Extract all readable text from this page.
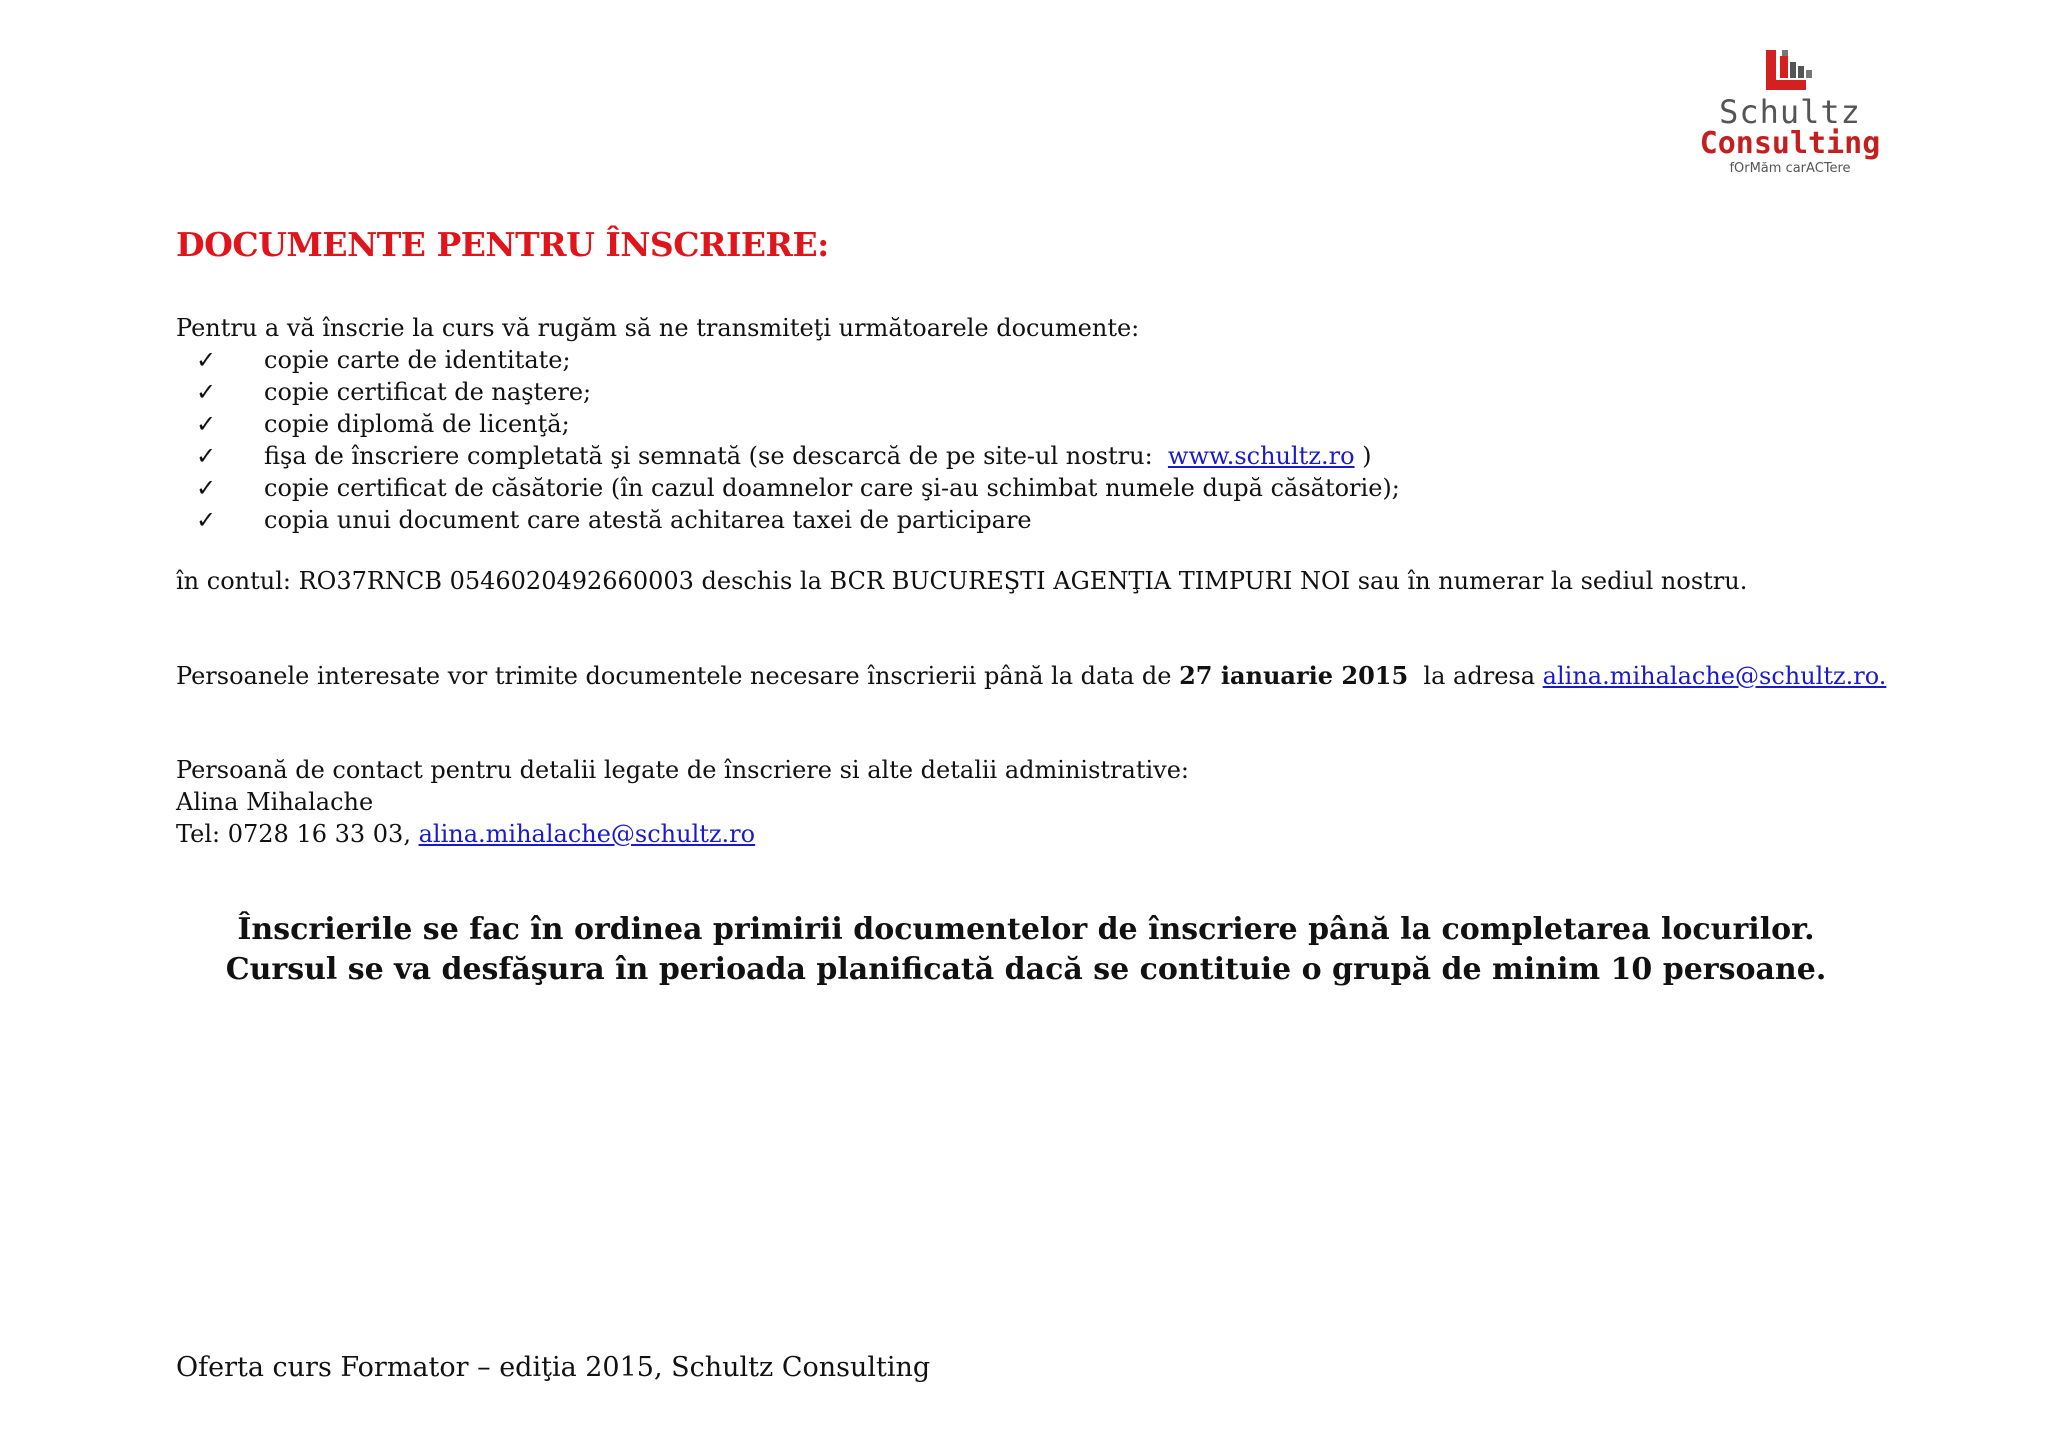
Schultz
Consulting
fOrMăm carACTere
DOCUMENTE PENTRU ÎNSCRIERE:
Pentru a vă înscrie la curs vă rugăm să ne transmiteţi următoarele documente:
✓ copie carte de identitate;
✓ copie certificat de naştere;
✓ copie diplomă de licenţă;
✓ fişa de înscriere completată şi semnată (se descarcă de pe site-ul nostru:  www.schultz.ro )
✓ copie certificat de căsătorie (în cazul doamnelor care şi-au schimbat numele după căsătorie);
✓ copia unui document care atestă achitarea taxei de participare
în contul: RO37RNCB 0546020492660003 deschis la BCR BUCUREŞTI AGENŢIA TIMPURI NOI sau în numerar la sediul nostru.
Persoanele interesate vor trimite documentele necesare înscrierii până la data de 27 ianuarie 2015  la adresa alina.mihalache@schultz.ro.
Persoană de contact pentru detalii legate de înscriere si alte detalii administrative:
Alina Mihalache
Tel: 0728 16 33 03, alina.mihalache@schultz.ro
Înscrierile se fac în ordinea primirii documentelor de înscriere până la completarea locurilor.
Cursul se va desfăşura în perioada planificată dacă se contituie o grupă de minim 10 persoane.
Oferta curs Formator – ediţia 2015, Schultz Consulting
